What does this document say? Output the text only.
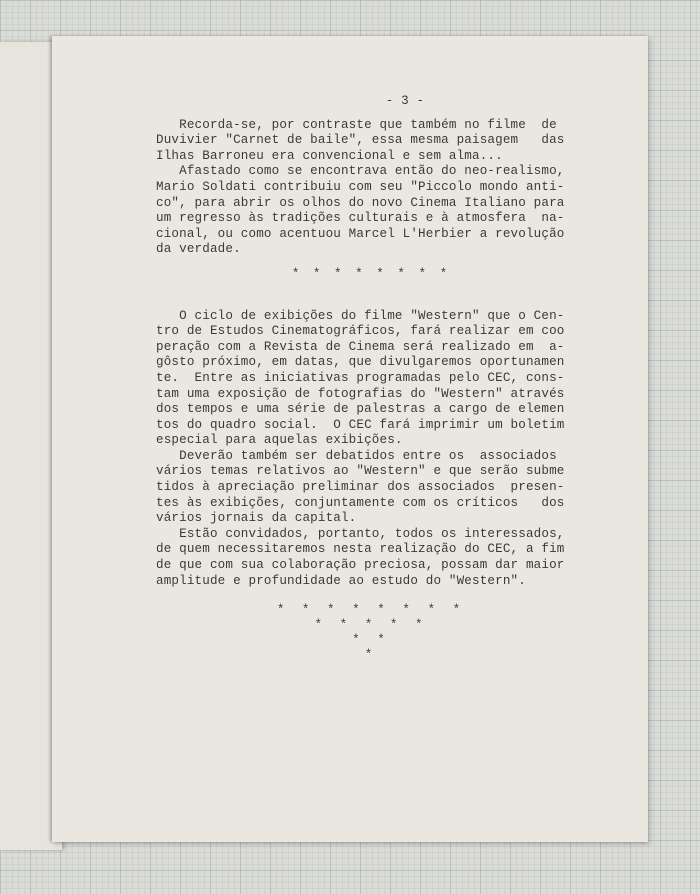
- 3 -
Recorda-se, por contraste que também no filme  de
Duvivier "Carnet de baile", essa mesma paisagem   das
Ilhas Barroneu era convencional e sem alma...
Afastado como se encontrava então do neo-realismo,
Mario Soldati contribuiu com seu "Piccolo mondo anti-
co", para abrir os olhos do novo Cinema Italiano para
um regresso às tradições culturais e à atmosfera  na-
cional, ou como acentuou Marcel L'Herbier a revolução
da verdade.
* * * * * * * *
O ciclo de exibições do filme "Western" que o Cen-
tro de Estudos Cinematográficos, fará realizar em coo
peração com a Revista de Cinema será realizado em  a-
gôsto próximo, em datas, que divulgaremos oportunamen
te.  Entre as iniciativas programadas pelo CEC, cons-
tam uma exposição de fotografias do "Western" através
dos tempos e uma série de palestras a cargo de elemen
tos do quadro social.  O CEC fará imprimir um boletim
especial para aquelas exibições.
Deverão também ser debatidos entre os  associados
vários temas relativos ao "Western" e que serão subme
tidos à apreciação preliminar dos associados  presen-
tes às exibições, conjuntamente com os críticos   dos
vários jornais da capital.
Estão convidados, portanto, todos os interessados,
de quem necessitaremos nesta realização do CEC, a fim
de que com sua colaboração preciosa, possam dar maior
amplitude e profundidade ao estudo do "Western".
* * * * * * * *
* * * * *
* *
*
